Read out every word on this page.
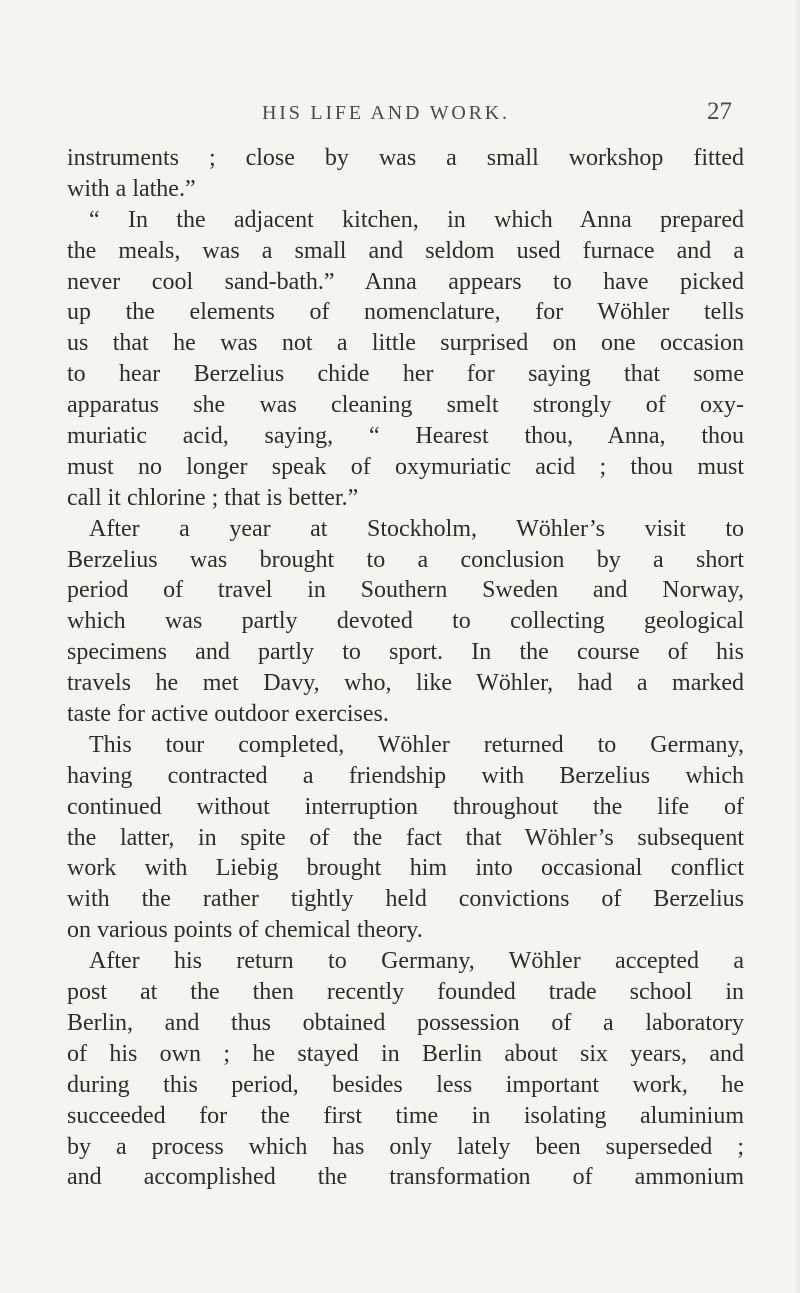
HIS LIFE AND WORK.	27
instruments ; close by was a small workshop fitted
with a lathe.”
“ In the adjacent kitchen, in which Anna prepared
the meals, was a small and seldom used furnace and a
never cool sand-bath.” Anna appears to have picked
up the elements of nomenclature, for Wöhler tells
us that he was not a little surprised on one occasion
to hear Berzelius chide her for saying that some
apparatus she was cleaning smelt strongly of oxy-
muriatic acid, saying, “ Hearest thou, Anna, thou
must no longer speak of oxymuriatic acid ; thou must
call it chlorine ; that is better.”
After a year at Stockholm, Wöhler’s visit to
Berzelius was brought to a conclusion by a short
period of travel in Southern Sweden and Norway,
which was partly devoted to collecting geological
specimens and partly to sport. In the course of his
travels he met Davy, who, like Wöhler, had a marked
taste for active outdoor exercises.
This tour completed, Wöhler returned to Germany,
having contracted a friendship with Berzelius which
continued without interruption throughout the life of
the latter, in spite of the fact that Wöhler’s subsequent
work with Liebig brought him into occasional conflict
with the rather tightly held convictions of Berzelius
on various points of chemical theory.
After his return to Germany, Wöhler accepted a
post at the then recently founded trade school in
Berlin, and thus obtained possession of a laboratory
of his own ; he stayed in Berlin about six years, and
during this period, besides less important work, he
succeeded for the first time in isolating aluminium
by a process which has only lately been superseded ;
and accomplished the transformation of ammonium
